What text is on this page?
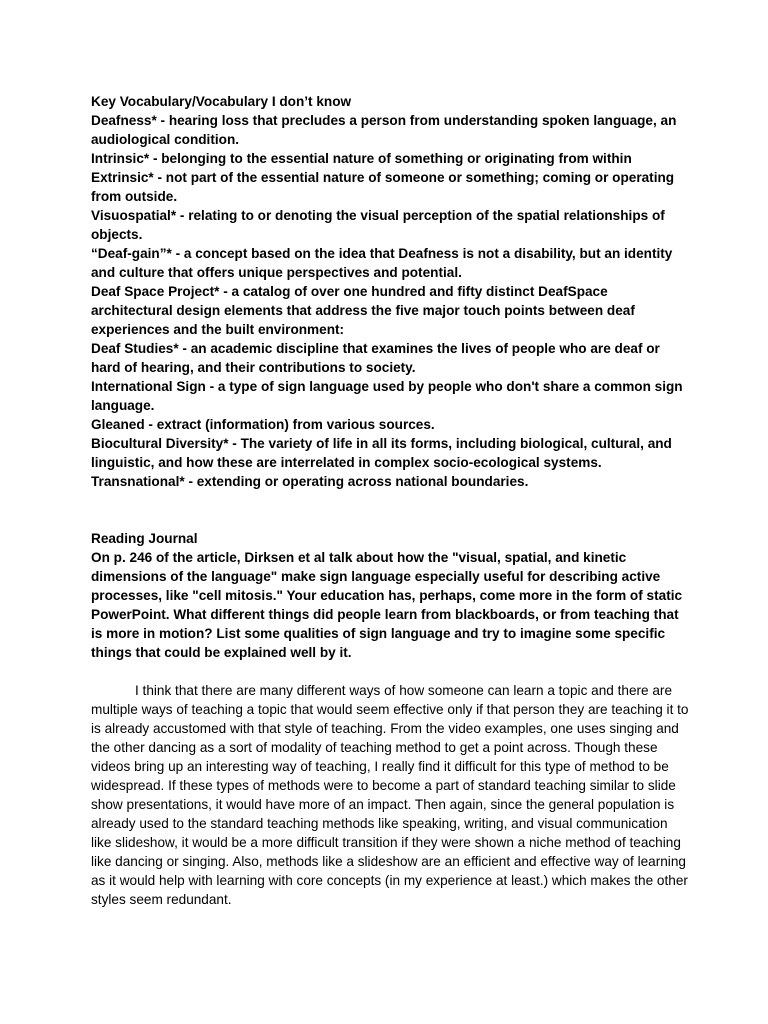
Key Vocabulary/Vocabulary I don’t know

Deafness* - hearing loss that precludes a person from understanding spoken language, an audiological condition.

Intrinsic* - belonging to the essential nature of something or originating from within

Extrinsic* - not part of the essential nature of someone or something; coming or operating from outside.

Visuospatial* - relating to or denoting the visual perception of the spatial relationships of objects.

“Deaf-gain”* - a concept based on the idea that Deafness is not a disability, but an identity and culture that offers unique perspectives and potential.

Deaf Space Project* - a catalog of over one hundred and fifty distinct DeafSpace architectural design elements that address the five major touch points between deaf experiences and the built environment:

Deaf Studies* - an academic discipline that examines the lives of people who are deaf or hard of hearing, and their contributions to society.

International Sign - a type of sign language used by people who don't share a common sign language.

Gleaned - extract (information) from various sources.

Biocultural Diversity* - The variety of life in all its forms, including biological, cultural, and linguistic, and how these are interrelated in complex socio-ecological systems.

Transnational* - extending or operating across national boundaries.

Reading Journal

On p. 246 of the article, Dirksen et al talk about how the "visual, spatial, and kinetic dimensions of the language" make sign language especially useful for describing active processes, like "cell mitosis." Your education has, perhaps, come more in the form of static PowerPoint. What different things did people learn from blackboards, or from teaching that is more in motion? List some qualities of sign language and try to imagine some specific things that could be explained well by it.

I think that there are many different ways of how someone can learn a topic and there are multiple ways of teaching a topic that would seem effective only if that person they are teaching it to is already accustomed with that style of teaching. From the video examples, one uses singing and the other dancing as a sort of modality of teaching method to get a point across. Though these videos bring up an interesting way of teaching, I really find it difficult for this type of method to be widespread. If these types of methods were to become a part of standard teaching similar to slide show presentations, it would have more of an impact. Then again, since the general population is already used to the standard teaching methods like speaking, writing, and visual communication like slideshow, it would be a more difficult transition if they were shown a niche method of teaching like dancing or singing. Also, methods like a slideshow are an efficient and effective way of learning as it would help with learning with core concepts (in my experience at least.) which makes the other styles seem redundant.
